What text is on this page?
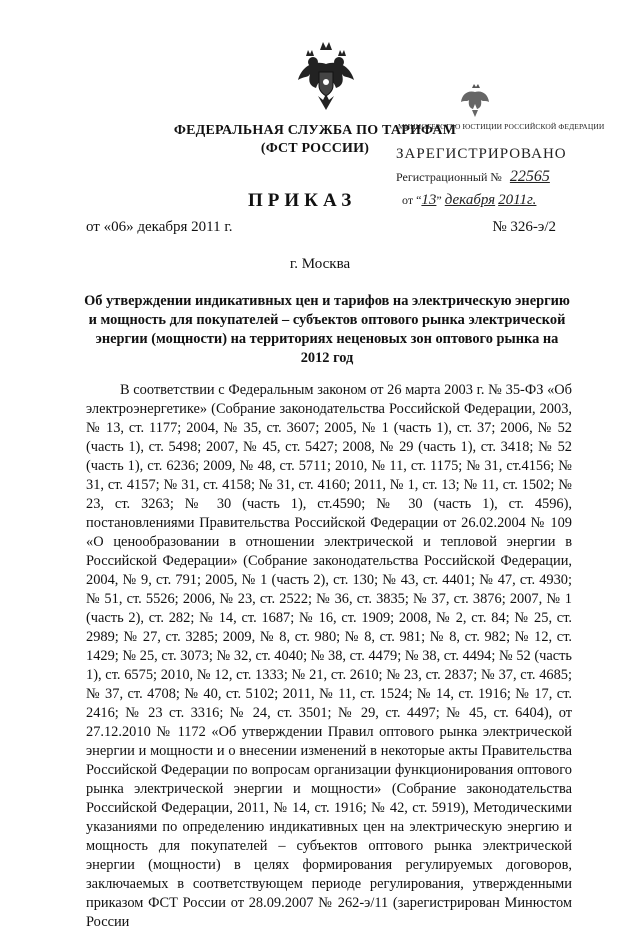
ФЕДЕРАЛЬНАЯ СЛУЖБА ПО ТАРИФАМ
(ФСТ РОССИИ)
МИНИСТЕРСТВО ЮСТИЦИИ РОССИЙСКОЙ ФЕДЕРАЦИИ
ЗАРЕГИСТРИРОВАНО
Регистрационный № 22565
от “13” декабря 2011г.
ПРИКАЗ
от «06» декабря 2011 г.	№ 326-э/2
г. Москва
Об утверждении индикативных цен и тарифов на электрическую энергию и мощность для покупателей – субъектов оптового рынка электрической энергии (мощности) на территориях неценовых зон оптового рынка на 2012 год
В соответствии с Федеральным законом от 26 марта 2003 г. № 35-ФЗ «Об электроэнергетике» (Собрание законодательства Российской Федерации, 2003, № 13, ст. 1177; 2004, № 35, ст. 3607; 2005, № 1 (часть 1), ст. 37; 2006, № 52 (часть 1), ст. 5498; 2007, № 45, ст. 5427; 2008, № 29 (часть 1), ст. 3418; № 52 (часть 1), ст. 6236; 2009, № 48, ст. 5711; 2010, № 11, ст. 1175; № 31, ст.4156; № 31, ст. 4157; № 31, ст. 4158; № 31, ст. 4160; 2011, № 1, ст. 13; № 11, ст. 1502; № 23, ст. 3263; № 30 (часть 1), ст.4590; № 30 (часть 1), ст. 4596), постановлениями Правительства Российской Федерации от 26.02.2004 № 109 «О ценообразовании в отношении электрической и тепловой энергии в Российской Федерации» (Собрание законодательства Российской Федерации, 2004, № 9, ст. 791; 2005, № 1 (часть 2), ст. 130; № 43, ст. 4401; № 47, ст. 4930; № 51, ст. 5526; 2006, № 23, ст. 2522; № 36, ст. 3835; № 37, ст. 3876; 2007, № 1 (часть 2), ст. 282; № 14, ст. 1687; № 16, ст. 1909; 2008, № 2, ст. 84; № 25, ст. 2989; № 27, ст. 3285; 2009, № 8, ст. 980; № 8, ст. 981; № 8, ст. 982; № 12, ст. 1429; № 25, ст. 3073; № 32, ст. 4040; № 38, ст. 4479; № 38, ст. 4494; № 52 (часть 1), ст. 6575; 2010, № 12, ст. 1333; № 21, ст. 2610; № 23, ст. 2837; № 37, ст. 4685; № 37, ст. 4708; № 40, ст. 5102; 2011, № 11, ст. 1524; № 14, ст. 1916; № 17, ст. 2416; № 23 ст. 3316; № 24, ст. 3501; № 29, ст. 4497; № 45, ст. 6404), от 27.12.2010 № 1172 «Об утверждении Правил оптового рынка электрической энергии и мощности и о внесении изменений в некоторые акты Правительства Российской Федерации по вопросам организации функционирования оптового рынка электрической энергии и мощности» (Собрание законодательства Российской Федерации, 2011, № 14, ст. 1916; № 42, ст. 5919), Методическими указаниями по определению индикативных цен на электрическую энергию и мощность для покупателей – субъектов оптового рынка электрической энергии (мощности) в целях формирования регулируемых договоров, заключаемых в соответствующем периоде регулирования, утвержденными приказом ФСТ России от 28.09.2007 № 262-э/11 (зарегистрирован Минюстом России
